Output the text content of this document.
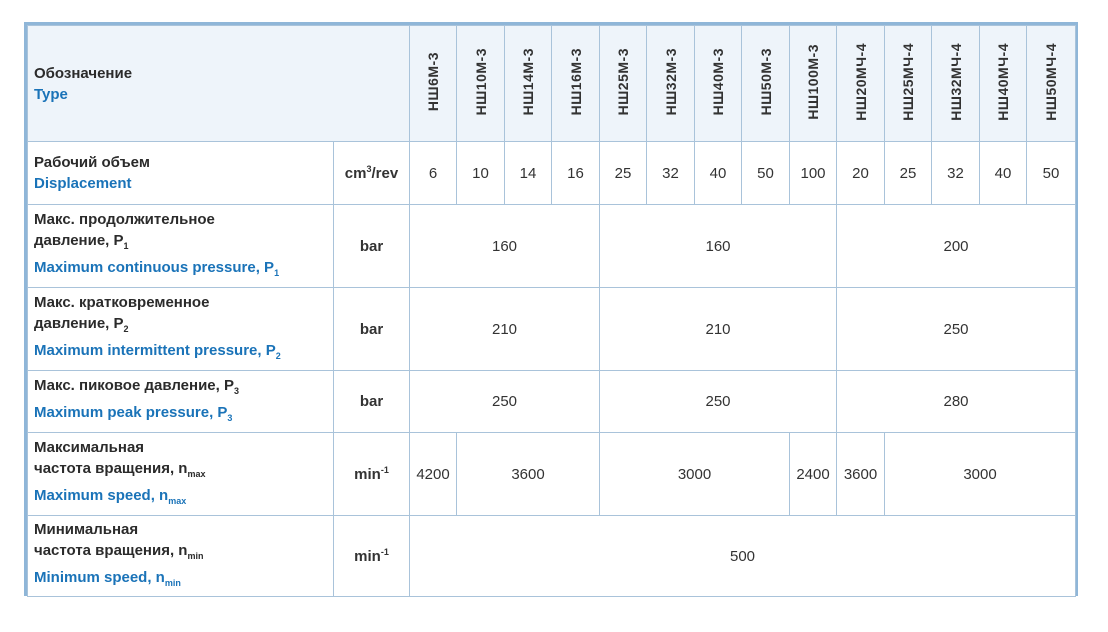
Обозначение
Type		НШ6М-3	НШ10М-3	НШ14М-3	НШ16М-3	НШ25М-3	НШ32М-3	НШ40М-3	НШ50М-3	НШ100М-3	НШ20МЧ-4	НШ25МЧ-4	НШ32МЧ-4	НШ40МЧ-4	НШ50МЧ-4

Рабочий объем
Displacement	$cm^3$/rev	6	10	14	16	25	32	40	50	100	20	25	32	40	50

Макс. продолжительное
давление, $P_1$
Maximum continuous pressure, $P_1$	bar	160				160					200				

Макс. кратковременное
давление, $P_2$
Maximum intermittent pressure, $P_2$	bar	210				210					250				

Макс. пиковое давление, $P_3$
Maximum peak pressure, $P_3$	bar	250				250					280				

Максимальная
частота вращения, $n_{max}$
Maximum speed, $n_{max}$	$\min^{-1}$	4200	3600			3000				2400	3600	3000			

Минимальная
частота вращения, $n_{min}$
Minimum speed, $n_{min}$	$\min^{-1}$	500													
